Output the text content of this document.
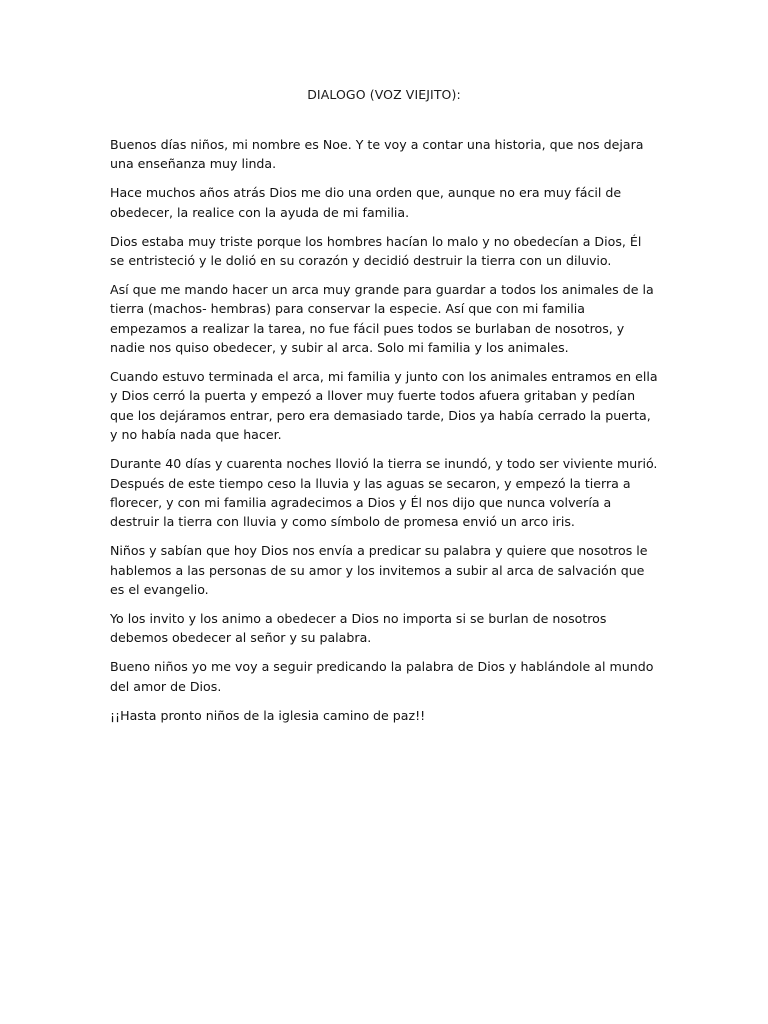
DIALOGO (VOZ VIEJITO):

Buenos días niños, mi nombre es Noe. Y te voy a contar una historia, que nos dejara una enseñanza muy linda.

Hace muchos años atrás Dios me dio una orden que, aunque no era muy fácil de obedecer, la realice con la ayuda de mi familia.

Dios estaba muy triste porque los hombres hacían lo malo y no obedecían a Dios, Él se entristeció y le dolió en su corazón y decidió destruir la tierra con un diluvio.

Así que me mando hacer un arca muy grande para guardar a todos los animales de la tierra (machos- hembras) para conservar la especie. Así que con mi familia empezamos a realizar la tarea, no fue fácil pues todos se burlaban de nosotros, y nadie nos quiso obedecer, y subir al arca. Solo mi familia y los animales.

Cuando estuvo terminada el arca, mi familia y junto con los animales entramos en ella y Dios cerró la puerta y empezó a llover muy fuerte todos afuera gritaban y pedían que los dejáramos entrar, pero era demasiado tarde, Dios ya había cerrado la puerta, y no había nada que hacer.

Durante 40 días y cuarenta noches llovió la tierra se inundó, y todo ser viviente murió. Después de este tiempo ceso la lluvia y las aguas se secaron, y empezó la tierra a florecer, y con mi familia agradecimos a Dios y Él nos dijo que nunca volvería a destruir la tierra con lluvia y como símbolo de promesa envió un arco iris.

Niños y sabían que hoy Dios nos envía a predicar su palabra y quiere que nosotros le hablemos a las personas de su amor y los invitemos a subir al arca de salvación que es el evangelio.

Yo los invito y los animo a obedecer a Dios no importa si se burlan de nosotros debemos obedecer al señor y su palabra.

Bueno niños yo me voy a seguir predicando la palabra de Dios y hablándole al mundo del amor de Dios.

¡¡Hasta pronto niños de la iglesia camino de paz!!
